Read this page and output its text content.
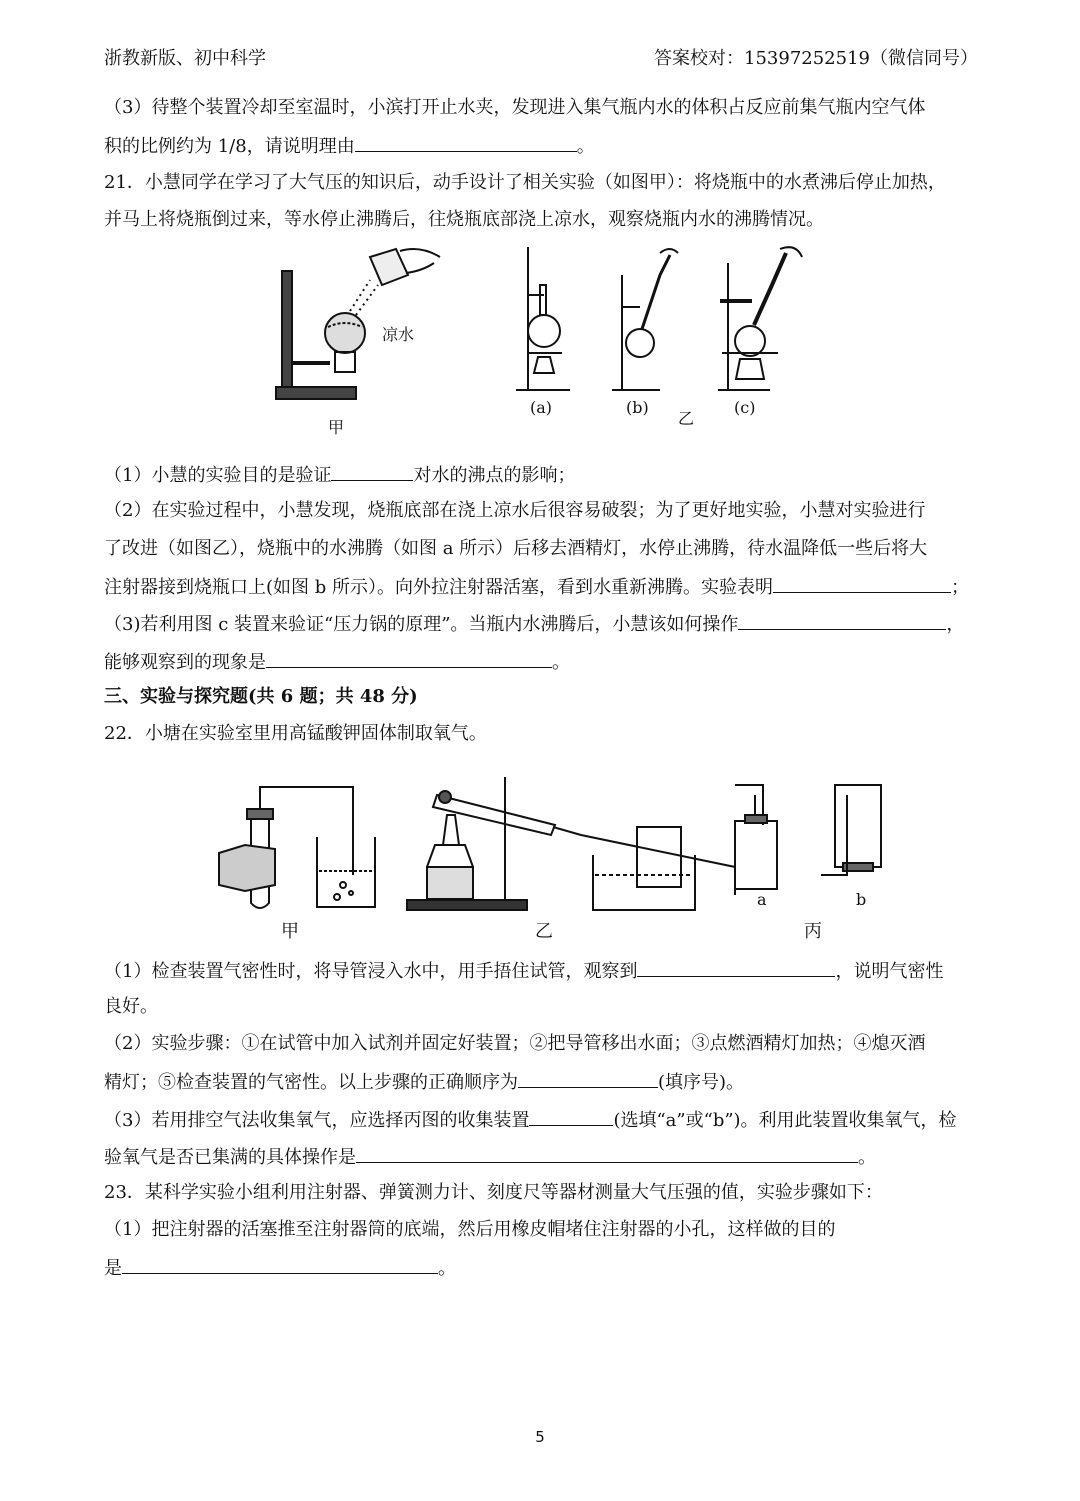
浙教新版、初中科学	答案校对：15397252519（微信同号）
（3）待整个装置冷却至室温时，小滨打开止水夹，发现进入集气瓶内水的体积占反应前集气瓶内空气体
积的比例约为 1/8，请说明理由	。
21．小慧同学在学习了大气压的知识后，动手设计了相关实验（如图甲）：将烧瓶中的水煮沸后停止加热，
并马上将烧瓶倒过来，等水停止沸腾后，往烧瓶底部浇上凉水，观察烧瓶内水的沸腾情况。
凉水
甲
(a)	(b)
乙
(c)
（1）小慧的实验目的是验证	对水的沸点的影响；
（2）在实验过程中，小慧发现，烧瓶底部在浇上凉水后很容易破裂；为了更好地实验，小慧对实验进行
了改进（如图乙），烧瓶中的水沸腾（如图 a 所示）后移去酒精灯，水停止沸腾，待水温降低一些后将大
注射器接到烧瓶口上(如图 b 所示）。向外拉注射器活塞，看到水重新沸腾。实验表明	；
（3)若利用图 c 装置来验证“压力锅的原理”。当瓶内水沸腾后，小慧该如何操作	，
能够观察到的现象是	。
三、实验与探究题(共 6 题；共 48 分)
22．小塘在实验室里用高锰酸钾固体制取氧气。
甲	乙
a
丙
b
（1）检查装置气密性时，将导管浸入水中，用手捂住试管，观察到	，说明气密性
良好。
（2）实验步骤：①在试管中加入试剂并固定好装置；②把导管移出水面；③点燃酒精灯加热；④熄灭酒
精灯；⑤检查装置的气密性。以上步骤的正确顺序为	(填序号)。
（3）若用排空气法收集氧气，应选择丙图的收集装置	(选填“a”或“b”)。利用此装置收集氧气，检
验氧气是否已集满的具体操作是	。
23．某科学实验小组利用注射器、弹簧测力计、刻度尺等器材测量大气压强的值，实验步骤如下：
（1）把注射器的活塞推至注射器筒的底端，然后用橡皮帽堵住注射器的小孔，这样做的目的
是	。
5
